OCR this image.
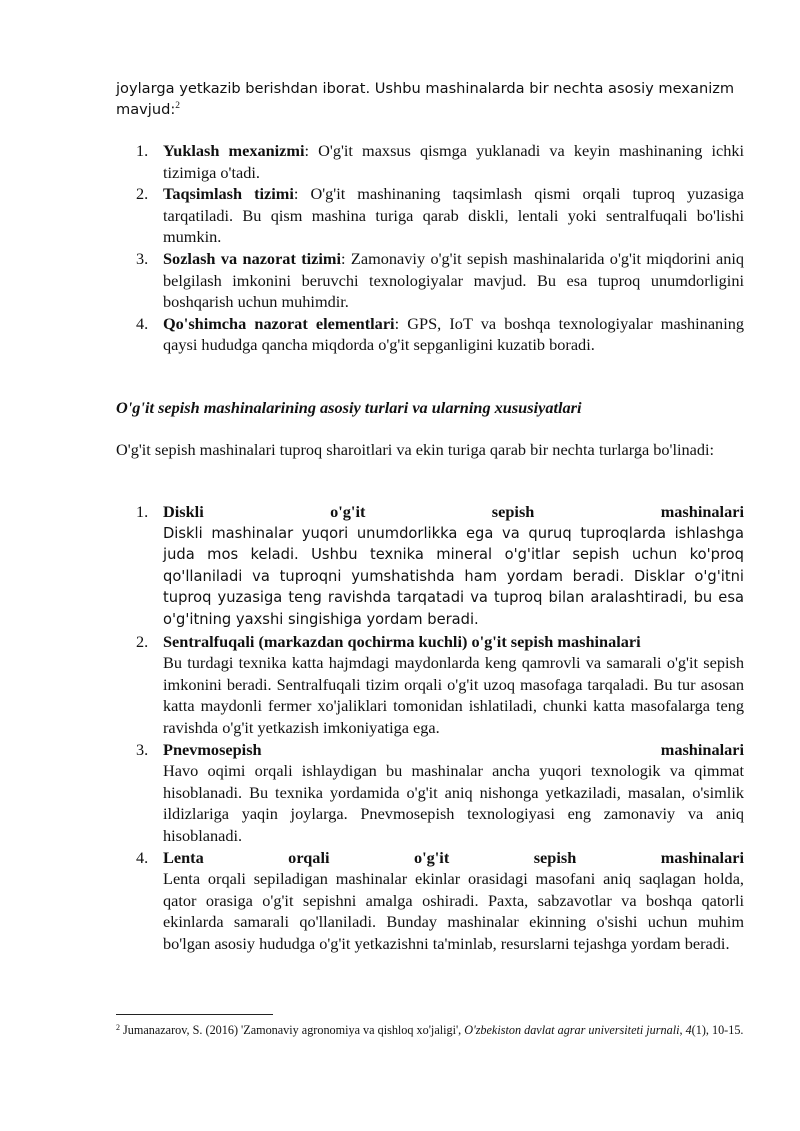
joylarga yetkazib berishdan iborat. Ushbu mashinalarda bir nechta asosiy mexanizm
mavjud:$^2$
1. Yuklash mexanizmi: O'g'it maxsus qismga yuklanadi va keyin mashinaning ichki tizimiga o'tadi.
2. Taqsimlash tizimi: O'g'it mashinaning taqsimlash qismi orqali tuproq yuzasiga tarqatiladi. Bu qism mashina turiga qarab diskli, lentali yoki sentralfuqali bo'lishi mumkin.
3. Sozlash va nazorat tizimi: Zamonaviy o'g'it sepish mashinalarida o'g'it miqdorini aniq belgilash imkonini beruvchi texnologiyalar mavjud. Bu esa tuproq unumdorligini boshqarish uchun muhimdir.
4. Qo'shimcha nazorat elementlari: GPS, IoT va boshqa texnologiyalar mashinaning qaysi hududga qancha miqdorda o'g'it sepganligini kuzatib boradi.
O'g'it sepish mashinalarining asosiy turlari va ularning xususiyatlari
O'g'it sepish mashinalari tuproq sharoitlari va ekin turiga qarab bir nechta turlarga bo'linadi:
1. Diskli	o'g'it	sepish	mashinalari
Diskli mashinalar yuqori unumdorlikka ega va quruq tuproqlarda ishlashga juda mos keladi. Ushbu texnika mineral o'g'itlar sepish uchun ko'proq qo'llaniladi va tuproqni yumshatishda ham yordam beradi. Disklar o'g'itni tuproq yuzasiga teng ravishda tarqatadi va tuproq bilan aralashtiradi, bu esa o'g'itning yaxshi singishiga yordam beradi.
2. Sentralfuqali (markazdan qochirma kuchli) o'g'it sepish mashinalari
Bu turdagi texnika katta hajmdagi maydonlarda keng qamrovli va samarali o'g'it sepish imkonini beradi. Sentralfuqali tizim orqali o'g'it uzoq masofaga tarqaladi. Bu tur asosan katta maydonli fermer xo'jaliklari tomonidan ishlatiladi, chunki katta masofalarga teng ravishda o'g'it yetkazish imkoniyatiga ega.
3. Pnevmosepish	mashinalari
Havo oqimi orqali ishlaydigan bu mashinalar ancha yuqori texnologik va qimmat hisoblanadi. Bu texnika yordamida o'g'it aniq nishonga yetkaziladi, masalan, o'simlik ildizlariga yaqin joylarga. Pnevmosepish texnologiyasi eng zamonaviy va aniq hisoblanadi.
4. Lenta	orqali	o'g'it	sepish	mashinalari
Lenta orqali sepiladigan mashinalar ekinlar orasidagi masofani aniq saqlagan holda, qator orasiga o'g'it sepishni amalga oshiradi. Paxta, sabzavotlar va boshqa qatorli ekinlarda samarali qo'llaniladi. Bunday mashinalar ekinning o'sishi uchun muhim bo'lgan asosiy hududga o'g'it yetkazishni ta'minlab, resurslarni tejashga yordam beradi.
$^2$ Jumanazarov, S. (2016) 'Zamonaviy agronomiya va qishloq xo'jaligi', O'zbekiston davlat agrar universiteti jurnali, 4(1), 10-15.
